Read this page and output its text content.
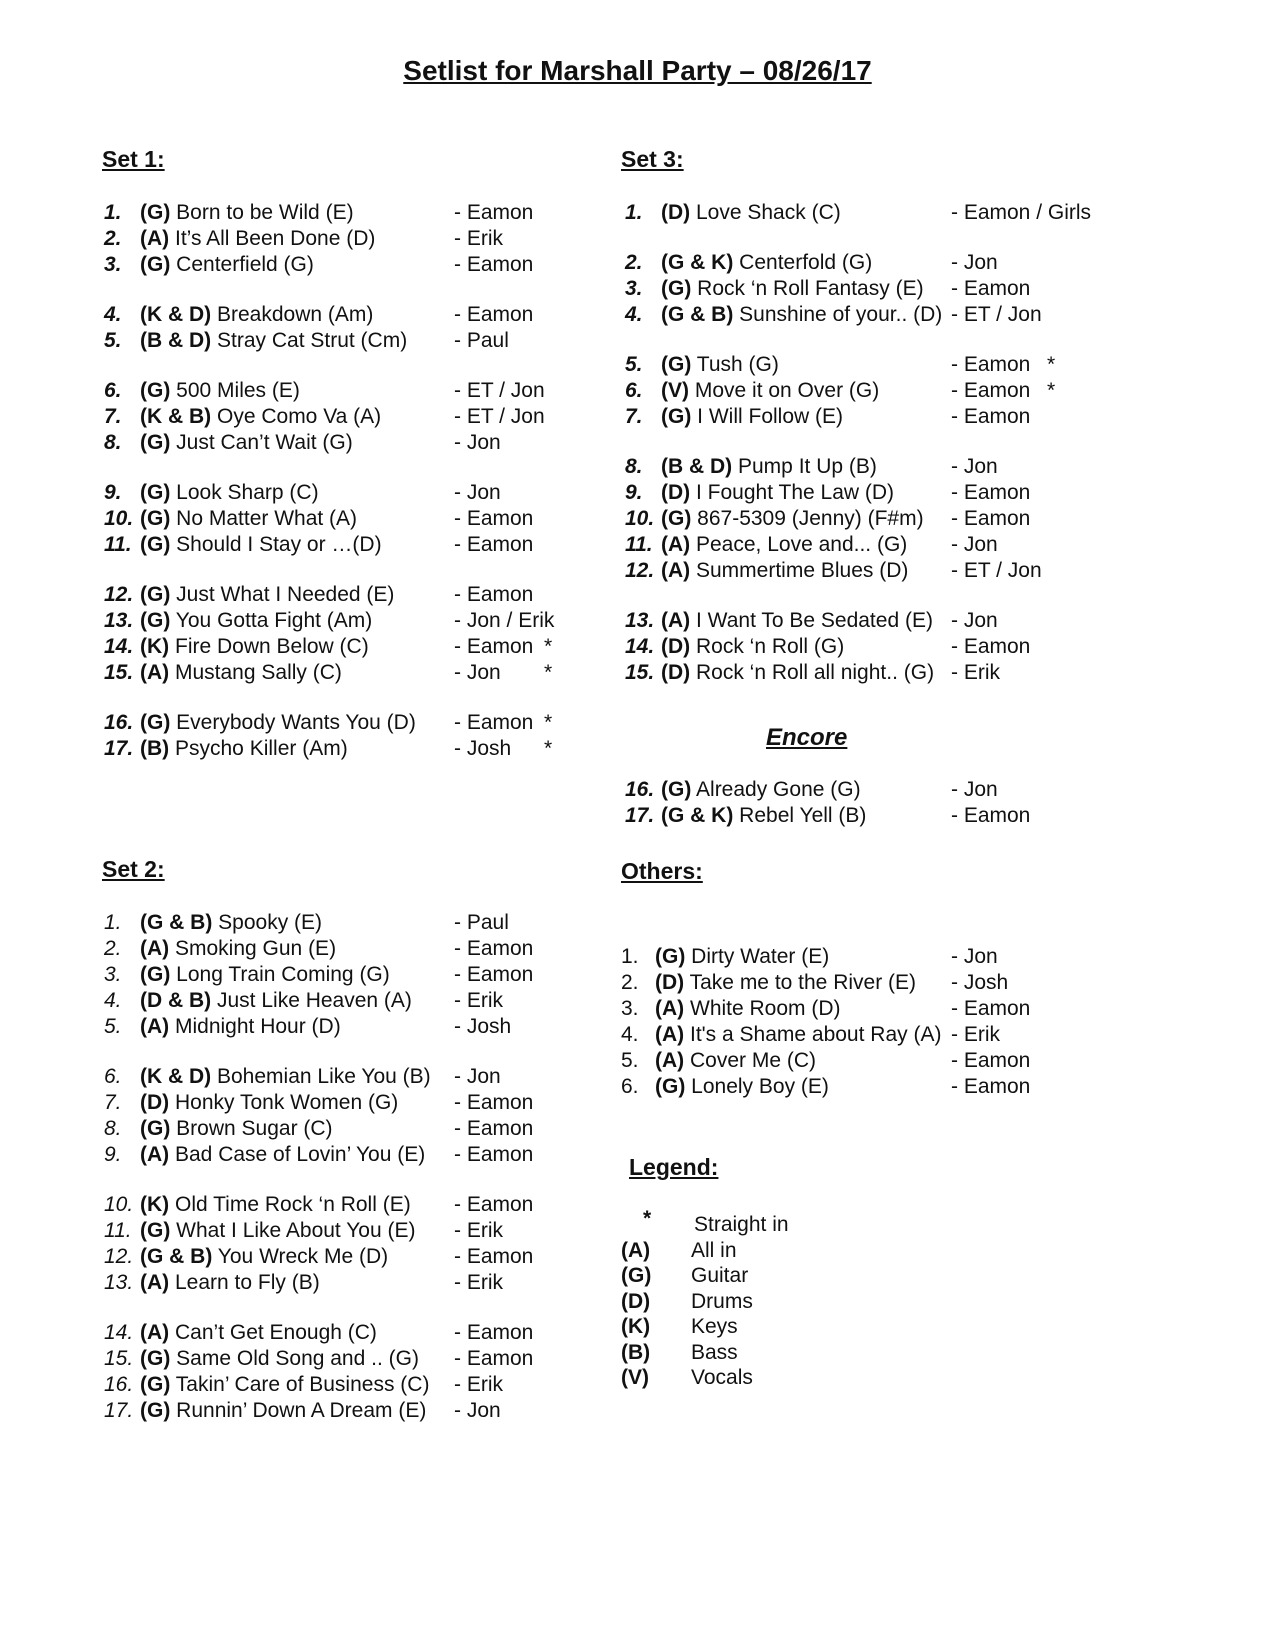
Setlist for Marshall Party – 08/26/17
Set 1:
1. (G) Born to be Wild (E)	- Eamon
2. (A) It’s All Been Done (D)	- Erik
3. (G) Centerfield (G)	- Eamon
4. (K & D) Breakdown (Am)	- Eamon
5. (B & D) Stray Cat Strut (Cm) - Paul
6. (G) 500 Miles (E)	- ET / Jon
7. (K & B) Oye Como Va (A)	- ET / Jon
8. (G) Just Can’t Wait (G)	- Jon
9. (G) Look Sharp (C)	- Jon
10. (G) No Matter What (A)	- Eamon
11. (G) Should I Stay or …(D)	- Eamon
12. (G) Just What I Needed (E)	- Eamon
13. (G) You Gotta Fight (Am)	- Jon / Erik
14. (K) Fire Down Below (C)	- Eamon *
15. (A) Mustang Sally (C)	- Jon *
16. (G) Everybody Wants You (D) - Eamon *
17. (B) Psycho Killer (Am)	- Josh *
Set 2:
1. (G & B) Spooky (E)	- Paul
2. (A) Smoking Gun (E)	- Eamon
3. (G) Long Train Coming (G)	- Eamon
4. (D & B) Just Like Heaven (A) - Erik
5. (A) Midnight Hour (D)	- Josh
6. (K & D) Bohemian Like You (B) - Jon
7. (D) Honky Tonk Women (G)	- Eamon
8. (G) Brown Sugar (C)	- Eamon
9. (A) Bad Case of Lovin’ You (E) - Eamon
10. (K) Old Time Rock ‘n Roll (E) - Eamon
11. (G) What I Like About You (E) - Erik
12. (G & B) You Wreck Me (D)	- Eamon
13. (A) Learn to Fly (B)	- Erik
14. (A) Can’t Get Enough (C)	- Eamon
15. (G) Same Old Song and .. (G) - Eamon
16. (G) Takin’ Care of Business (C) - Erik
17. (G) Runnin’ Down A Dream (E) - Jon
Set 3:
1. (D) Love Shack (C)	- Eamon / Girls
2. (G & K) Centerfold (G)	- Jon
3. (G) Rock ‘n Roll Fantasy (E) - Eamon
4. (G & B) Sunshine of your.. (D) - ET / Jon
5. (G) Tush (G)	- Eamon *
6. (V) Move it on Over (G)	- Eamon *
7. (G) I Will Follow (E)	- Eamon
8. (B & D) Pump It Up (B)	- Jon
9. (D) I Fought The Law (D)	- Eamon
10. (G) 867-5309 (Jenny) (F#m) - Eamon
11. (A) Peace, Love and... (G) - Jon
12. (A) Summertime Blues (D) - ET / Jon
13. (A) I Want To Be Sedated (E) - Jon
14. (D) Rock ‘n Roll (G)	- Eamon
15. (D) Rock ‘n Roll all night.. (G) - Erik
Encore
16. (G) Already Gone (G)	- Jon
17. (G & K) Rebel Yell (B)	- Eamon
Others:
1. (G) Dirty Water (E)	- Jon
2. (D) Take me to the River (E) - Josh
3. (A) White Room (D)	- Eamon
4. (A) It's a Shame about Ray (A) - Erik
5. (A) Cover Me (C)	- Eamon
6. (G) Lonely Boy (E)	- Eamon
Legend:
* Straight in
(A) All in
(G) Guitar
(D) Drums
(K) Keys
(B) Bass
(V) Vocals
